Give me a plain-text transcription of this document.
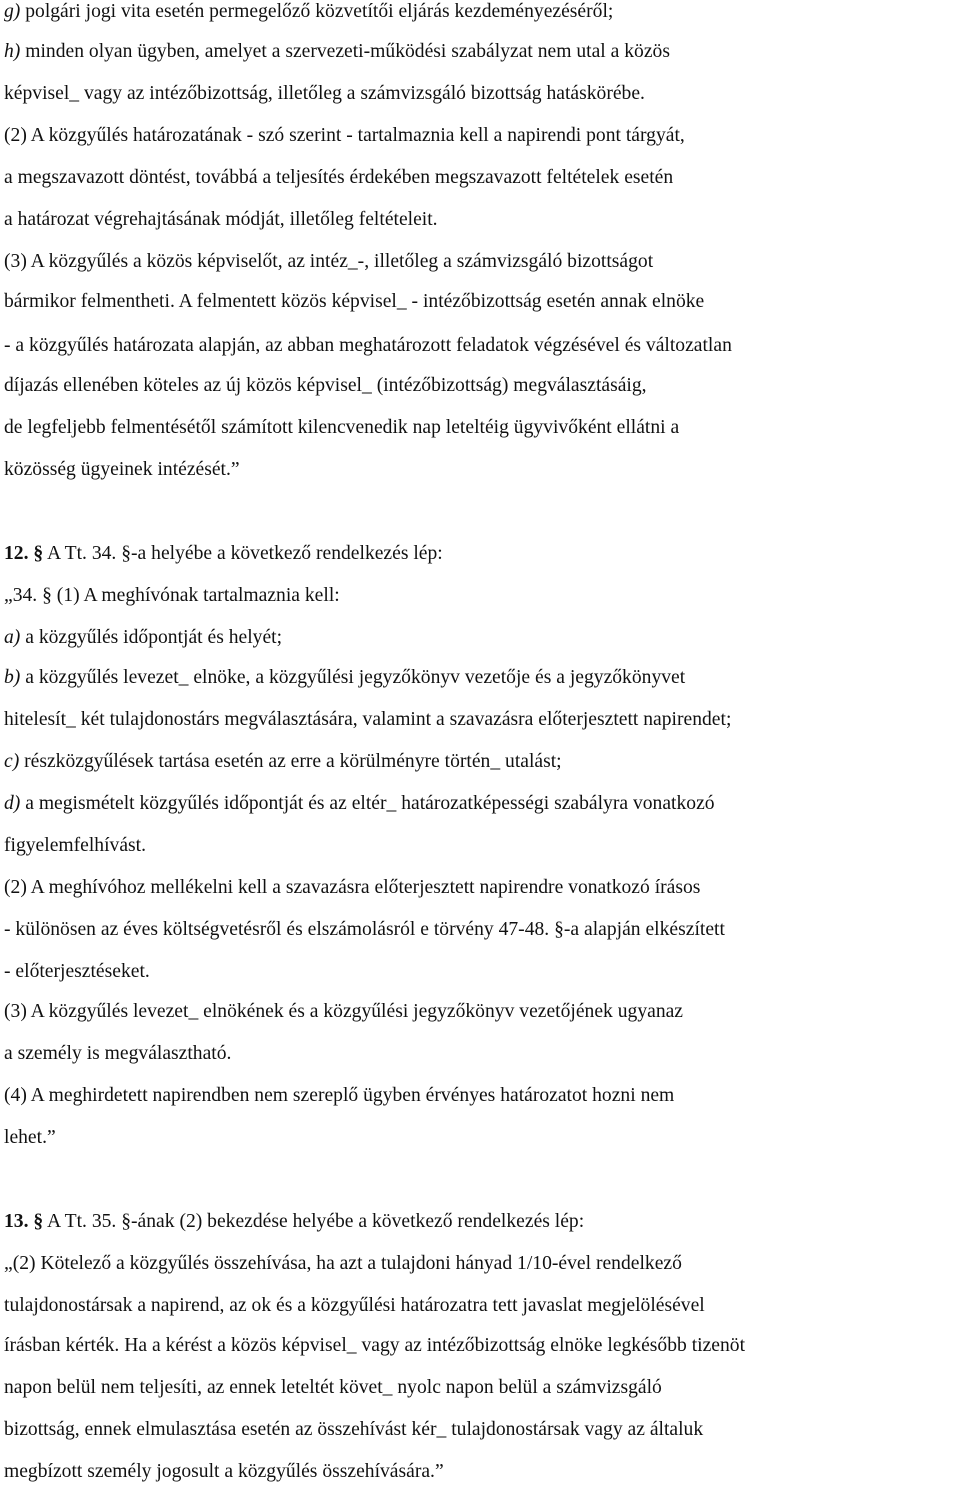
g) polgári jogi vita esetén permegelőző közvetítői eljárás kezdeményezéséről;
h) minden olyan ügyben, amelyet a szervezeti-működési szabályzat nem utal a közös
képvisel_ vagy az intézőbizottság, illetőleg a számvizsgáló bizottság hatáskörébe.
(2) A közgyűlés határozatának - szó szerint - tartalmaznia kell a napirendi pont tárgyát,
a megszavazott döntést, továbbá a teljesítés érdekében megszavazott feltételek esetén
a határozat végrehajtásának módját, illetőleg feltételeit.
(3) A közgyűlés a közös képviselőt, az intéz_-, illetőleg a számvizsgáló bizottságot
bármikor felmentheti. A felmentett közös képvisel_ - intézőbizottság esetén annak elnöke
- a közgyűlés határozata alapján, az abban meghatározott feladatok végzésével és változatlan
díjazás ellenében köteles az új közös képvisel_ (intézőbizottság) megválasztásáig,
de legfeljebb felmentésétől számított kilencvenedik nap leteltéig ügyvivőként ellátni a
közösség ügyeinek intézését.”
12. § A Tt. 34. §-a helyébe a következő rendelkezés lép:
„34. § (1) A meghívónak tartalmaznia kell:
a) a közgyűlés időpontját és helyét;
b) a közgyűlés levezet_ elnöke, a közgyűlési jegyzőkönyv vezetője és a jegyzőkönyvet
hitelesít_ két tulajdonostárs megválasztására, valamint a szavazásra előterjesztett napirendet;
c) részközgyűlések tartása esetén az erre a körülményre történ_ utalást;
d) a megismételt közgyűlés időpontját és az eltér_ határozatképességi szabályra vonatkozó
figyelemfelhívást.
(2) A meghívóhoz mellékelni kell a szavazásra előterjesztett napirendre vonatkozó írásos
- különösen az éves költségvetésről és elszámolásról e törvény 47-48. §-a alapján elkészített
- előterjesztéseket.
(3) A közgyűlés levezet_ elnökének és a közgyűlési jegyzőkönyv vezetőjének ugyanaz
a személy is megválasztható.
(4) A meghirdetett napirendben nem szereplő ügyben érvényes határozatot hozni nem
lehet.”
13. § A Tt. 35. §-ának (2) bekezdése helyébe a következő rendelkezés lép:
„(2) Kötelező a közgyűlés összehívása, ha azt a tulajdoni hányad 1/10-ével rendelkező
tulajdonostársak a napirend, az ok és a közgyűlési határozatra tett javaslat megjelölésével
írásban kérték. Ha a kérést a közös képvisel_ vagy az intézőbizottság elnöke legkésőbb tizenöt
napon belül nem teljesíti, az ennek leteltét követ_ nyolc napon belül a számvizsgáló
bizottság, ennek elmulasztása esetén az összehívást kér_ tulajdonostársak vagy az általuk
megbízott személy jogosult a közgyűlés összehívására.”
